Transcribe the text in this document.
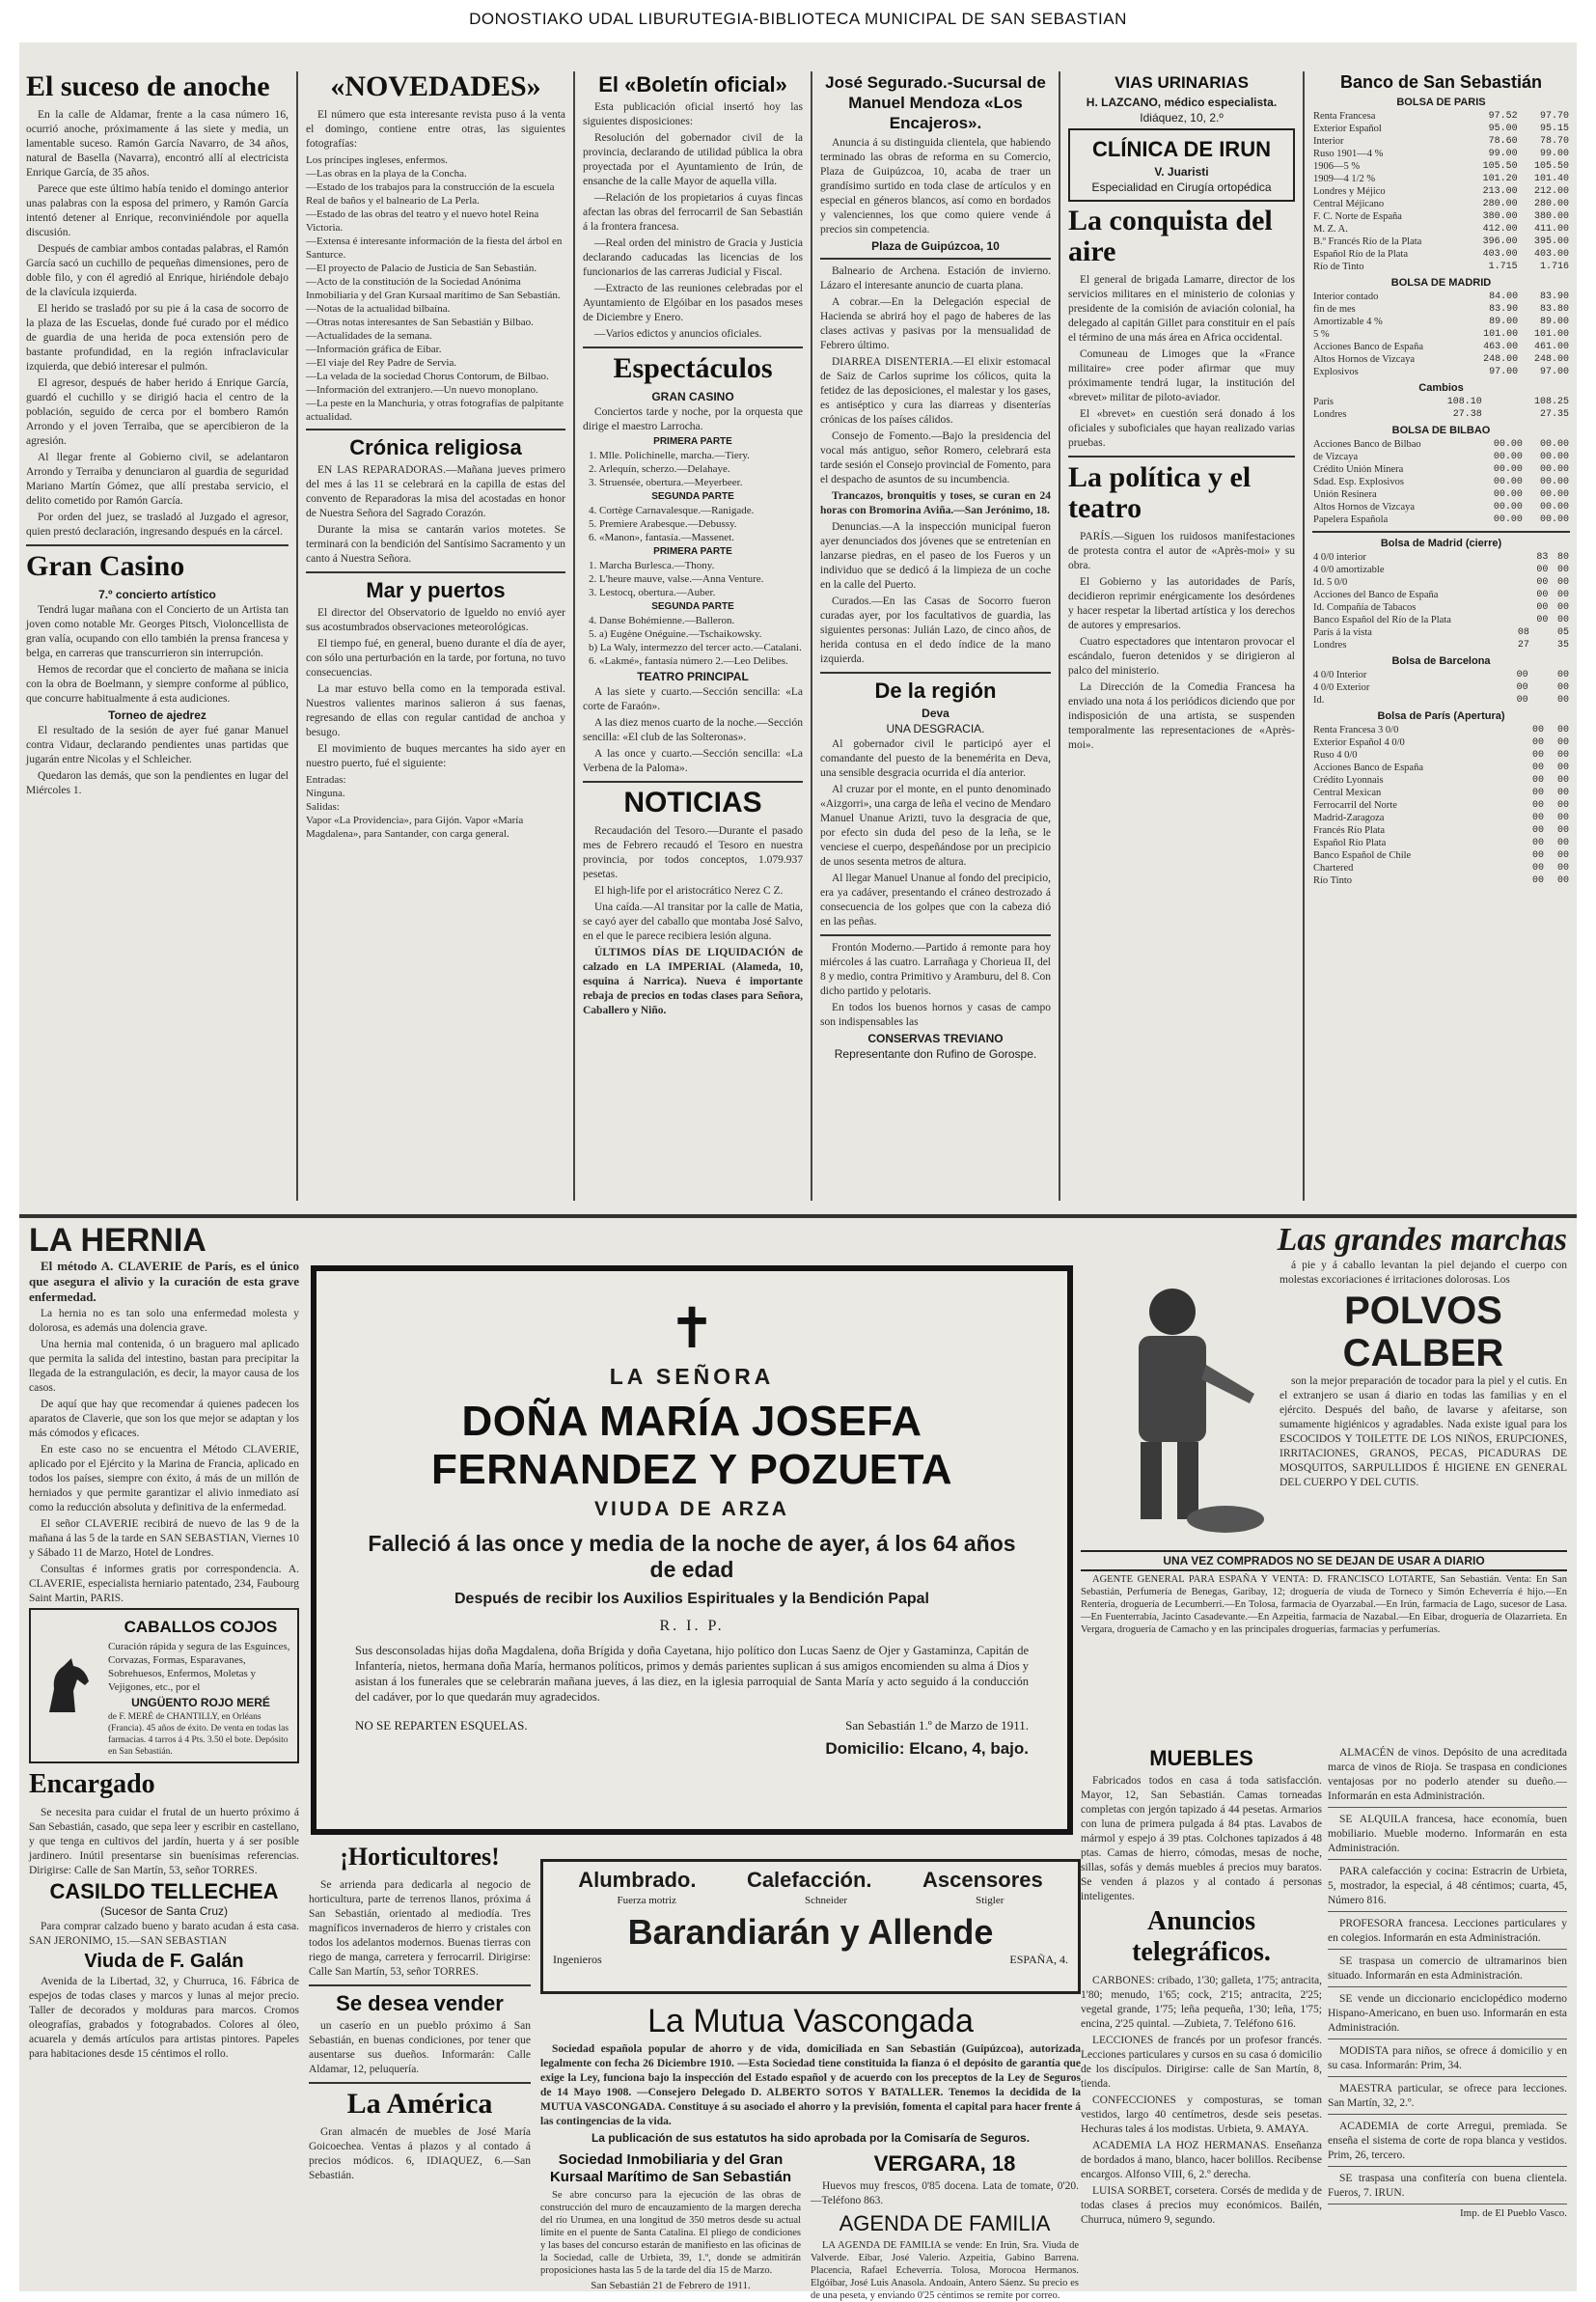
DONOSTIAKO UDAL LIBURUTEGIA-BIBLIOTECA MUNICIPAL DE SAN SEBASTIAN
El suceso de anoche

En la calle de Aldamar, frente a la casa número 16, ocurrió anoche, próximamente á las siete y media, un lamentable suceso. Ramón García Navarro, de 34 años, natural de Basella (Navarra), encontró allí al electricista Enrique García, de 35 años.

Parece que este último había tenido el domingo anterior unas palabras con la esposa del primero, y Ramón García intentó detener al Enrique, reconviniéndole por aquella discusión.

Después de cambiar ambos contadas palabras, el Ramón García sacó un cuchillo de pequeñas dimensiones, pero de doble filo, y con él agredió al Enrique, hiriéndole debajo de la clavícula izquierda.

El herido se trasladó por su pie á la casa de socorro de la plaza de las Escuelas, donde fué curado por el médico de guardia de una herida de poca extensión pero de bastante profundidad, en la región infraclavicular izquierda, que debió interesar el pulmón.

El agresor, después de haber herido á Enrique García, guardó el cuchillo y se dirigió hacia el centro de la población, seguido de cerca por el bombero Ramón Arrondo y el joven Terraiba, que se apercibieron de la agresión.

Al llegar frente al Gobierno civil, se adelantaron Arrondo y Terraiba y denunciaron al guardia de seguridad Mariano Martín Gómez, que allí prestaba servicio, el delito cometido por Ramón García.

Por orden del juez, se trasladó al Juzgado el agresor, quien prestó declaración, ingresando después en la cárcel.

Gran Casino
7.º concierto artístico

Tendrá lugar mañana con el Concierto de un Artista tan joven como notable Mr. Georges Pitsch, Violoncellista de gran valía, ocupando con ello también la prensa francesa y belga, en carreras que transcurrieron sin interrupción.

Hemos de recordar que el concierto de mañana se inicia con la obra de Boelmann, y siempre conforme al público, que concurre habitualmente á esta audiciones.

Torneo de ajedrez

El resultado de la sesión de ayer fué ganar Manuel contra Vidaur, declarando pendientes unas partidas que jugarán entre Nicolas y el Schleicher.

Quedaron las demás, que son la pendientes en lugar del Miércoles 1.

«NOVEDADES»

El número que esta interesante revista puso á la venta el domingo, contiene entre otras, las siguientes fotografías:

Los príncipes ingleses, enfermos.
—Las obras en la playa de la Concha.
—Estado de los trabajos para la construcción de la escuela Real de baños y el balneario de La Perla.
—Estado de las obras del teatro y el nuevo hotel Reina Victoria.
—Extensa é interesante información de la fiesta del árbol en Santurce.
—El proyecto de Palacio de Justicia de San Sebastián.
—Acto de la constitución de la Sociedad Anónima Inmobiliaria y del Gran Kursaal marítimo de San Sebastián.
—Notas de la actualidad bilbaína.
—Otras notas interesantes de San Sebastián y Bilbao.
—Actualidades de la semana.
—Información gráfica de Eibar.
—El viaje del Rey Padre de Servia.
—La velada de la sociedad Chorus Contorum, de Bilbao.
—Información del extranjero.—Un nuevo monoplano.
—La peste en la Manchuria, y otras fotografías de palpitante actualidad.
Crónica religiosa

EN LAS REPARADORAS.—Mañana jueves primero del mes á las 11 se celebrará en la capilla de estas del convento de Reparadoras la misa del acostadas en honor de Nuestra Señora del Sagrado Corazón.

Durante la misa se cantarán varios motetes. Se terminará con la bendición del Santísimo Sacramento y un canto á Nuestra Señora.

Mar y puertos

El director del Observatorio de Igueldo no envió ayer sus acostumbrados observaciones meteorológicas.

El tiempo fué, en general, bueno durante el día de ayer, con sólo una perturbación en la tarde, por fortuna, no tuvo consecuencias.

La mar estuvo bella como en la temporada estival. Nuestros valientes marinos salieron á sus faenas, regresando de ellas con regular cantidad de anchoa y besugo.

El movimiento de buques mercantes ha sido ayer en nuestro puerto, fué el siguiente:

Entradas:
Ninguna.
Salidas:
Vapor «La Providencia», para Gijón. Vapor «María Magdalena», para Santander, con carga general.
El «Boletín oficial»

Esta publicación oficial insertó hoy las siguientes disposiciones:

Resolución del gobernador civil de la provincia, declarando de utilidad pública la obra proyectada por el Ayuntamiento de Irún, de ensanche de la calle Mayor de aquella villa.

—Relación de los propietarios á cuyas fincas afectan las obras del ferrocarril de San Sebastián á la frontera francesa.

—Real orden del ministro de Gracia y Justicia declarando caducadas las licencias de los funcionarios de las carreras Judicial y Fiscal.

—Extracto de las reuniones celebradas por el Ayuntamiento de Elgóibar en los pasados meses de Diciembre y Enero.

—Varios edictos y anuncios oficiales.

Espectáculos
GRAN CASINO

Conciertos tarde y noche, por la orquesta que dirige el maestro Larrocha.

PRIMERA PARTE
1. Mlle. Polichinelle, marcha.—Tiery.
2. Arlequín, scherzo.—Delahaye.
3. Struensée, obertura.—Meyerbeer.
SEGUNDA PARTE
4. Cortège Carnavalesque.—Ranigade.
5. Premiere Arabesque.—Debussy.
6. «Manon», fantasía.—Massenet.
PRIMERA PARTE
1. Marcha Burlesca.—Thony.
2. L'heure mauve, valse.—Anna Venture.
3. Lestocq, obertura.—Auber.
SEGUNDA PARTE
4. Danse Bohémienne.—Balleron.
5. a) Eugène Onéguine.—Tschaikowsky.
b) La Waly, intermezzo del tercer acto.—Catalani.
6. «Lakmé», fantasía número 2.—Leo Delibes.
TEATRO PRINCIPAL

A las siete y cuarto.—Sección sencilla: «La corte de Faraón».

A las diez menos cuarto de la noche.—Sección sencilla: «El club de las Solteronas».

A las once y cuarto.—Sección sencilla: «La Verbena de la Paloma».

NOTICIAS

Recaudación del Tesoro.—Durante el pasado mes de Febrero recaudó el Tesoro en nuestra provincia, por todos conceptos, 1.079.937 pesetas.

El high-life por el aristocrático Nerez C Z.

Una caída.—Al transitar por la calle de Matia, se cayó ayer del caballo que montaba José Salvo, en el que le parece recibiera lesión alguna.

ÚLTIMOS DÍAS DE LIQUIDACIÓN de calzado en LA IMPERIAL (Alameda, 10, esquina á Narrica). Nueva é importante rebaja de precios en todas clases para Señora, Caballero y Niño.

José Segurado.-Sucursal de Manuel Mendoza «Los Encajeros».

Anuncia á su distinguida clientela, que habiendo terminado las obras de reforma en su Comercio, Plaza de Guipúzcoa, 10, acaba de traer un grandísimo surtido en toda clase de artículos y en especial en géneros blancos, así como en bordados y valenciennes, los que como quiere vende á precios sin competencia.

Plaza de Guipúzcoa, 10

Balneario de Archena. Estación de invierno. Lázaro el interesante anuncio de cuarta plana.

A cobrar.—En la Delegación especial de Hacienda se abrirá hoy el pago de haberes de las clases activas y pasivas por la mensualidad de Febrero último.

DIARREA DISENTERIA.—El elixir estomacal de Saiz de Carlos suprime los cólicos, quita la fetidez de las deposiciones, el malestar y los gases, es antiséptico y cura las diarreas y disenterías crónicas de los países cálidos.

Consejo de Fomento.—Bajo la presidencia del vocal más antiguo, señor Romero, celebrará esta tarde sesión el Consejo provincial de Fomento, para el despacho de asuntos de su incumbencia.

Trancazos, bronquitis y toses, se curan en 24 horas con Bromorina Aviña.—San Jerónimo, 18.

Denuncias.—A la inspección municipal fueron ayer denunciados dos jóvenes que se entretenían en lanzarse piedras, en el paseo de los Fueros y un individuo que se dedicó á la limpieza de un coche en la calle del Puerto.

Curados.—En las Casas de Socorro fueron curadas ayer, por los facultativos de guardia, las siguientes personas: Julián Lazo, de cinco años, de herida contusa en el dedo índice de la mano izquierda.

De la región
Deva
UNA DESGRACIA.

Al gobernador civil le participó ayer el comandante del puesto de la benemérita en Deva, una sensible desgracia ocurrida el día anterior.

Al cruzar por el monte, en el punto denominado «Aizgorri», una carga de leña el vecino de Mendaro Manuel Unanue Arizti, tuvo la desgracia de que, por efecto sin duda del peso de la leña, se le venciese el cuerpo, despeñándose por un precipicio de unos sesenta metros de altura.

Al llegar Manuel Unanue al fondo del precipicio, era ya cadáver, presentando el cráneo destrozado á consecuencia de los golpes que con la cabeza dió en las peñas.

Frontón Moderno.—Partido á remonte para hoy miércoles á las cuatro. Larrañaga y Chorieua II, del 8 y medio, contra Primitivo y Aramburu, del 8. Con dicho partido y pelotaris.

En todos los buenos hornos y casas de campo son indispensables las

CONSERVAS TREVIANO
Representante don Rufino de Gorospe.
VIAS URINARIAS
H. LAZCANO, médico especialista.
Idiáquez, 10, 2.º
CLÍNICA DE IRUN
V. Juaristi
Especialidad en Cirugía ortopédica
La conquista del aire

El general de brigada Lamarre, director de los servicios militares en el ministerio de colonias y presidente de la comisión de aviación colonial, ha delegado al capitán Gillet para constituir en el país el término de una más área en Africa occidental.

Comuneau de Limoges que la «France militaire» cree poder afirmar que muy próximamente tendrá lugar, la institución del «brevet» militar de piloto-aviador.

El «brevet» en cuestión será donado á los oficiales y suboficiales que hayan realizado varias pruebas.

La política y el teatro

PARÍS.—Siguen los ruidosos manifestaciones de protesta contra el autor de «Après-moi» y su obra.

El Gobierno y las autoridades de París, decidieron reprimir enérgicamente los desórdenes y hacer respetar la libertad artística y los derechos de autores y empresarios.

Cuatro espectadores que intentaron provocar el escándalo, fueron detenidos y se dirigieron al palco del ministerio.

La Dirección de la Comedia Francesa ha enviado una nota á los periódicos diciendo que por indisposición de una artista, se suspenden temporalmente las representaciones de «Après-moi».

Banco de San Sebastián
BOLSA DE PARIS
Renta Francesa	97.52	97.70
Exterior Español	95.00	95.15
Interior	78.60	78.70
Ruso 1901—4 %	99.00	99.00
1906—5 %	105.50	105.50
1909—4 1/2 %	101.20	101.40
Londres y Méjico	213.00	212.00
Central Méjicano	280.00	280.00
F. C. Norte de España	380.00	380.00
M. Z. A.	412.00	411.00
B.º Francés Río de la Plata	396.00	395.00
Español Río de la Plata	403.00	403.00
Río de Tinto	1.715	1.716
BOLSA DE MADRID
Interior contado	84.00	83.90
fin de mes	83.90	83.80
Amortizable 4 %	89.00	89.00
5 %	101.00	101.00
Acciones Banco de España	463.00	461.00
Altos Hornos de Vizcaya	248.00	248.00
Explosivos	97.00	97.00
Cambios
París	108.10	108.25
Londres	27.38	27.35
BOLSA DE BILBAO
Acciones Banco de Bilbao	00.00	00.00
de Vizcaya	00.00	00.00
Crédito Unión Minera	00.00	00.00
Sdad. Esp. Explosivos	00.00	00.00
Unión Resinera	00.00	00.00
Altos Hornos de Vizcaya	00.00	00.00
Papelera Española	00.00	00.00
Bolsa de Madrid (cierre)
4 0/0 interior	83	80
4 0/0 amortizable	00	00
Id. 5 0/0	00	00
Acciones del Banco de España	00	00
Id. Compañía de Tabacos	00	00
Banco Español del Río de la Plata	00	00
París á la vista	08	05
Londres	27	35
Bolsa de Barcelona
4 0/0 Interior	00	00
4 0/0 Exterior	00	00
Id.	00	00
Bolsa de París (Apertura)
Renta Francesa 3 0/0	00	00
Exterior Español 4 0/0	00	00
Ruso 4 0/0	00	00
Acciones Banco de España	00	00
Crédito Lyonnais	00	00
Central Mexican	00	00
Ferrocarril del Norte	00	00
Madrid-Zaragoza	00	00
Francés Río Plata	00	00
Español Río Plata	00	00
Banco Español de Chile	00	00
Chartered	00	00
Río Tinto	00	00
LA HERNIA

El método A. CLAVERIE de París, es el único que asegura el alivio y la curación de esta grave enfermedad.

La hernia no es tan solo una enfermedad molesta y dolorosa, es además una dolencia grave.

Una hernia mal contenida, ó un braguero mal aplicado que permita la salida del intestino, bastan para precipitar la llegada de la estrangulación, es decir, la mayor causa de los casos.

De aquí que hay que recomendar á quienes padecen los aparatos de Claverie, que son los que mejor se adaptan y los más cómodos y eficaces.

En este caso no se encuentra el Método CLAVERIE, aplicado por el Ejército y la Marina de Francia, aplicado en todos los países, siempre con éxito, á más de un millón de herniados y que permite garantizar el alivio inmediato así como la reducción absoluta y definitiva de la enfermedad.

El señor CLAVERIE recibirá de nuevo de las 9 de la mañana á las 5 de la tarde en SAN SEBASTIAN, Viernes 10 y Sábado 11 de Marzo, Hotel de Londres.

Consultas é informes gratis por correspondencia. A. CLAVERIE, especialista herniario patentado, 234, Faubourg Saint Martin, PARIS.

CABALLOS COJOS
Curación rápida y segura de las Esguinces, Corvazas, Formas, Esparavanes, Sobrehuesos, Enfermos, Moletas y Vejigones, etc., por el
UNGÜENTO ROJO MERÉ
de F. MERÉ de CHANTILLY, en Orléans (Francia). 45 años de éxito. De venta en todas las farmacias. 4 tarros á 4 Pts. 3.50 el bote. Depósito en San Sebastián.
Encargado

Se necesita para cuidar el frutal de un huerto próximo á San Sebastián, casado, que sepa leer y escribir en castellano, y que tenga en cultivos del jardín, huerta y á ser posible jardinero. Inútil presentarse sin buenísimas referencias. Dirigirse: Calle de San Martín, 53, señor TORRES.

CASILDO TELLECHEA
(Sucesor de Santa Cruz)

Para comprar calzado bueno y barato acudan á esta casa. SAN JERONIMO, 15.—SAN SEBASTIAN

Viuda de F. Galán

Avenida de la Libertad, 32, y Churruca, 16. Fábrica de espejos de todas clases y marcos y lunas al mejor precio. Taller de decorados y molduras para marcos. Cromos oleografías, grabados y fotograbados. Colores al óleo, acuarela y demás artículos para artistas pintores. Papeles para habitaciones desde 15 céntimos el rollo.

✝
LA SEÑORA
DOÑA MARÍA JOSEFA FERNANDEZ Y POZUETA
VIUDA DE ARZA
Falleció á las once y media de la noche de ayer, á los 64 años de edad
Después de recibir los Auxilios Espirituales y la Bendición Papal
R. I. P.
Sus desconsoladas hijas doña Magdalena, doña Brígida y doña Cayetana, hijo político don Lucas Saenz de Ojer y Gastaminza, Capitán de Infantería, nietos, hermana doña María, hermanos políticos, primos y demás parientes suplican á sus amigos encomienden su alma á Dios y asistan á los funerales que se celebrarán mañana jueves, á las diez, en la iglesia parroquial de Santa María y acto seguido á la conducción del cadáver, por lo que quedarán muy agradecidos.
NO SE REPARTEN ESQUELAS.	San Sebastián 1.º de Marzo de 1911.
Domicilio: Elcano, 4, bajo.
Las grandes marchas

á pie y á caballo levantan la piel dejando el cuerpo con molestas excoriaciones é irritaciones dolorosas. Los

POLVOS CALBER

son la mejor preparación de tocador para la piel y el cutis. En el extranjero se usan á diario en todas las familias y en el ejército. Después del baño, de lavarse y afeitarse, son sumamente higiénicos y agradables. Nada existe igual para los ESCOCIDOS Y TOILETTE DE LOS NIÑOS, ERUPCIONES, IRRITACIONES, GRANOS, PECAS, PICADURAS DE MOSQUITOS, SARPULLIDOS É HIGIENE EN GENERAL DEL CUERPO Y DEL CUTIS.

UNA VEZ COMPRADOS NO SE DEJAN DE USAR A DIARIO

AGENTE GENERAL PARA ESPAÑA Y VENTA: D. FRANCISCO LOTARTE, San Sebastián. Venta: En San Sebastián, Perfumería de Benegas, Garibay, 12; droguería de viuda de Torneco y Simón Echeverría é hijo.—En Rentería, droguería de Lecumberri.—En Tolosa, farmacia de Oyarzabal.—En Irún, farmacia de Lago, sucesor de Lasa.—En Fuenterrabía, Jacinto Casadevante.—En Azpeitia, farmacia de Nazabal.—En Eibar, droguería de Olazarrieta. En Vergara, droguería de Camacho y en las principales droguerías, farmacias y perfumerías.

¡Horticultores!

Se arrienda para dedicarla al negocio de horticultura, parte de terrenos llanos, próxima á San Sebastián, orientado al mediodía. Tres magníficos invernaderos de hierro y cristales con todos los adelantos modernos. Buenas tierras con riego de manga, carretera y ferrocarril. Dirigirse: Calle San Martín, 53, señor TORRES.

Se desea vender

un caserío en un pueblo próximo á San Sebastián, en buenas condiciones, por tener que ausentarse sus dueños. Informarán: Calle Aldamar, 12, peluquería.

La América

Gran almacén de muebles de José María Goicoechea. Ventas á plazos y al contado á precios módicos. 6, IDIAQUEZ, 6.—San Sebastián.

Alumbrado. Calefacción. Ascensores
Fuerza motriz	Schneider	Stigler
Barandiarán y Allende
Ingenieros	ESPAÑA, 4.
La Mutua Vascongada

Sociedad española popular de ahorro y de vida, domiciliada en San Sebastián (Guipúzcoa), autorizada legalmente con fecha 26 Diciembre 1910. —Esta Sociedad tiene constituida la fianza ó el depósito de garantía que exige la Ley, funciona bajo la inspección del Estado español y de acuerdo con los preceptos de la Ley de Seguros de 14 Mayo 1908. —Consejero Delegado D. ALBERTO SOTOS Y BATALLER. Tenemos la decidida de la MUTUA VASCONGADA. Constituye á su asociado el ahorro y la previsión, fomenta el capital para hacer frente á las contingencias de la vida.

La publicación de sus estatutos ha sido aprobada por la Comisaría de Seguros.
Sociedad Inmobiliaria y del Gran Kursaal Marítimo de San Sebastián

Se abre concurso para la ejecución de las obras de construcción del muro de encauzamiento de la margen derecha del río Urumea, en una longitud de 350 metros desde su actual límite en el puente de Santa Catalina. El pliego de condiciones y las bases del concurso estarán de manifiesto en las oficinas de la Sociedad, calle de Urbieta, 39, 1.º, donde se admitirán proposiciones hasta las 5 de la tarde del día 15 de Marzo.

San Sebastián 21 de Febrero de 1911.
VERGARA, 18

Huevos muy frescos, 0'85 docena. Lata de tomate, 0'20. —Teléfono 863.

AGENDA DE FAMILIA

LA AGENDA DE FAMILIA se vende: En Irún, Sra. Viuda de Valverde. Eibar, José Valerio. Azpeitia, Gabino Barrena. Placencia, Rafael Echeverría. Tolosa, Morocoa Hermanos. Elgóibar, José Luis Anasola. Andoain, Antero Sáenz. Su precio es de una peseta, y enviando 0'25 céntimos se remite por correo.

MUEBLES

Fabricados todos en casa á toda satisfacción. Mayor, 12, San Sebastián. Camas torneadas completas con jergón tapizado á 44 pesetas. Armarios con luna de primera pulgada á 84 ptas. Lavabos de mármol y espejo á 39 ptas. Colchones tapizados á 48 ptas. Camas de hierro, cómodas, mesas de noche, sillas, sofás y demás muebles á precios muy baratos. Se venden á plazos y al contado á personas inteligentes.

Anuncios telegráficos.

CARBONES: cribado, 1'30; galleta, 1'75; antracita, 1'80; menudo, 1'65; cock, 2'15; antracita, 2'25; vegetal grande, 1'75; leña pequeña, 1'30; leña, 1'75; encina, 2'25 quintal. —Zubieta, 7. Teléfono 616.

LECCIONES de francés por un profesor francés. Lecciones particulares y cursos en su casa ó domicilio de los discípulos. Dirigirse: calle de San Martín, 8, tienda.

CONFECCIONES y composturas, se toman vestidos, largo 40 centímetros, desde seis pesetas. Hechuras tales á los modistas. Urbieta, 9. AMAYA.

ACADEMIA LA HOZ HERMANAS. Enseñanza de bordados á mano, blanco, hacer bolillos. Recibense encargos. Alfonso VIII, 6, 2.º derecha.

LUISA SORBET, corsetera. Corsés de medida y de todas clases á precios muy económicos. Bailén, Churruca, número 9, segundo.

ALMACÉN de vinos. Depósito de una acreditada marca de vinos de Rioja. Se traspasa en condiciones ventajosas por no poderlo atender su dueño.—Informarán en esta Administración.

SE ALQUILA francesa, hace economía, buen mobiliario. Mueble moderno. Informarán en esta Administración.

PARA calefacción y cocina: Estracrin de Urbieta, 5, mostrador, la especial, á 48 céntimos; cuarta, 45, Número 816.

PROFESORA francesa. Lecciones particulares y en colegios. Informarán en esta Administración.

SE traspasa un comercio de ultramarinos bien situado. Informarán en esta Administración.

SE vende un diccionario enciclopédico moderno Hispano-Americano, en buen uso. Informarán en esta Administración.

MODISTA para niños, se ofrece á domicilio y en su casa. Informarán: Prim, 34.

MAESTRA particular, se ofrece para lecciones. San Martín, 32, 2.º.

ACADEMIA de corte Arregui, premiada. Se enseña el sistema de corte de ropa blanca y vestidos. Prim, 26, tercero.

SE traspasa una confitería con buena clientela. Fueros, 7. IRUN.

Imp. de El Pueblo Vasco.
